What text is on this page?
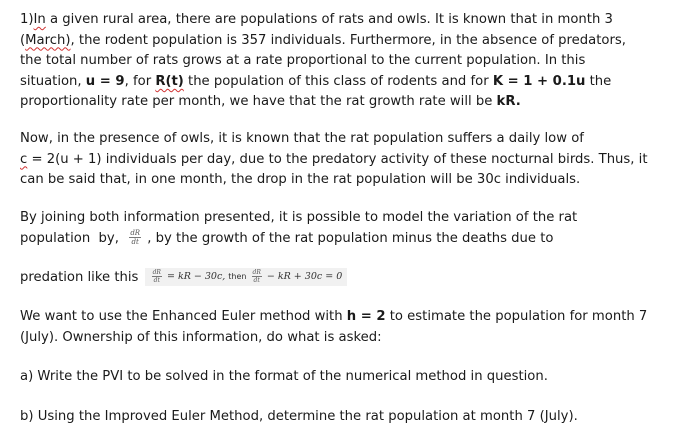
1)In a given rural area, there are populations of rats and owls. It is known that in month 3
(March), the rodent population is 357 individuals. Furthermore, in the absence of predators,
the total number of rats grows at a rate proportional to the current population. In this
situation, u = 9, for R(t) the population of this class of rodents and for K = 1 + 0.1u the
proportionality rate per month, we have that the rat growth rate will be kR.

Now, in the presence of owls, it is known that the rat population suffers a daily low of
c = 2(u + 1) individuals per day, due to the predatory activity of these nocturnal birds. Thus, it
can be said that, in one month, the drop in the rat population will be 30c individuals.

By joining both information presented, it is possible to model the variation of the rat
population  by, $\frac{dR}{dt}$ , by the growth of the rat population minus the deaths due to

predation like this $\frac{dR}{dt}$ = kR − 30c, then $\frac{dR}{dt}$ − kR + 30c = 0

We want to use the Enhanced Euler method with h = 2 to estimate the population for month 7
(July). Ownership of this information, do what is asked:

a) Write the PVI to be solved in the format of the numerical method in question.

b) Using the Improved Euler Method, determine the rat population at month 7 (July).
